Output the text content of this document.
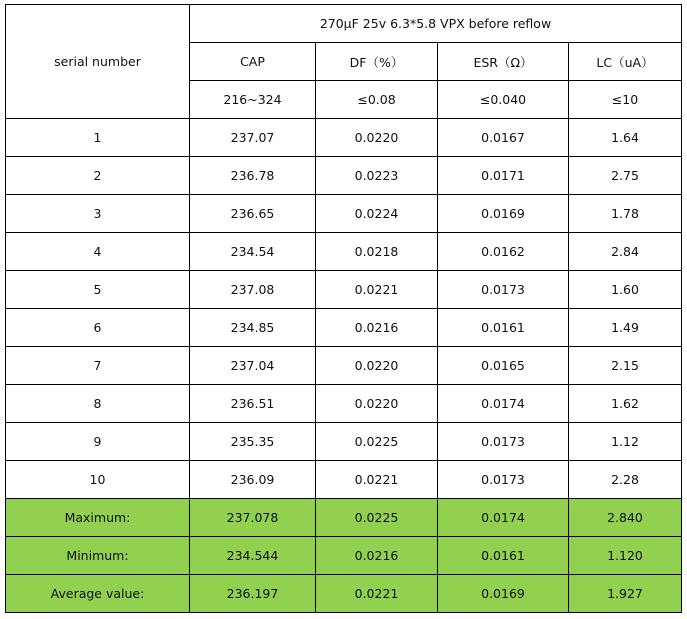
serial number	270μF 25v 6.3*5.8 VPX before reflow			
	CAP	DF（%）	ESR（Ω）	LC（uA）
	216~324	≤0.08	≤0.040	≤10
1	237.07	0.0220	0.0167	1.64
2	236.78	0.0223	0.0171	2.75
3	236.65	0.0224	0.0169	1.78
4	234.54	0.0218	0.0162	2.84
5	237.08	0.0221	0.0173	1.60
6	234.85	0.0216	0.0161	1.49
7	237.04	0.0220	0.0165	2.15
8	236.51	0.0220	0.0174	1.62
9	235.35	0.0225	0.0173	1.12
10	236.09	0.0221	0.0173	2.28
Maximum:	237.078	0.0225	0.0174	2.840
Minimum:	234.544	0.0216	0.0161	1.120
Average value:	236.197	0.0221	0.0169	1.927
